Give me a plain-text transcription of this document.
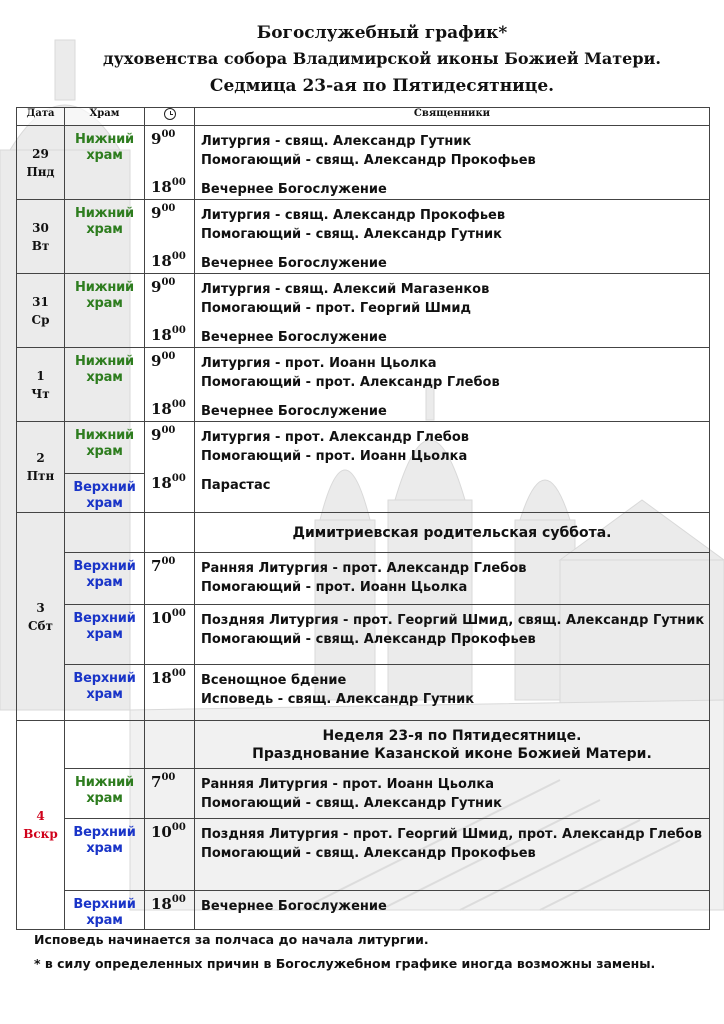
Богослужебный график*
духовенства собора Владимирской иконы Божией Матери.
Седмица 23-ая по Пятидесятнице.
Дата	Храм		Священники

29
Пнд	Нижний храм	$9^{00}$	Литургия - свящ. Александр Гутник
Помогающий - свящ. Александр Прокофьев

		$18^{00}$	Вечернее Богослужение

30
Вт	Нижний храм	$9^{00}$	Литургия - свящ. Александр Прокофьев
Помогающий - свящ. Александр Гутник

		$18^{00}$	Вечернее Богослужение

31
Ср	Нижний храм	$9^{00}$	Литургия - свящ. Алексий Магазенков
Помогающий - прот. Георгий Шмид

		$18^{00}$	Вечернее Богослужение

1
Чт	Нижний храм	$9^{00}$	Литургия - прот. Иоанн Цьолка
Помогающий - прот. Александр Глебов

		$18^{00}$	Вечернее Богослужение

2
Птн	Нижний храм	$9^{00}$	Литургия - прот. Александр Глебов
Помогающий - прот. Иоанн Цьолка

	Верхний храм	$18^{00}$	Парастас

3
Сбт			Димитриевская родительская суббота.

	Верхний храм	$7^{00}$	Ранняя Литургия - прот. Александр Глебов
Помогающий - прот. Иоанн Цьолка

	Верхний храм	$10^{00}$	Поздняя Литургия - прот. Георгий Шмид, свящ. Александр Гутник
Помогающий - свящ. Александр Прокофьев

	Верхний храм	$18^{00}$	Всенощное бдение
Исповедь - свящ. Александр Гутник

4
Вскр			Неделя 23-я по Пятидесятнице.
Празднование Казанской иконе Божией Матери.

	Нижний храм	$7^{00}$	Ранняя Литургия - прот. Иоанн Цьолка
Помогающий - свящ. Александр Гутник

	Верхний храм	$10^{00}$	Поздняя Литургия - прот. Георгий Шмид, прот. Александр Глебов
Помогающий - свящ. Александр Прокофьев

	Верхний храм	$18^{00}$	Вечернее Богослужение
Исповедь начинается за полчаса до начала литургии.
* в силу определенных причин в Богослужебном графике иногда возможны замены.
